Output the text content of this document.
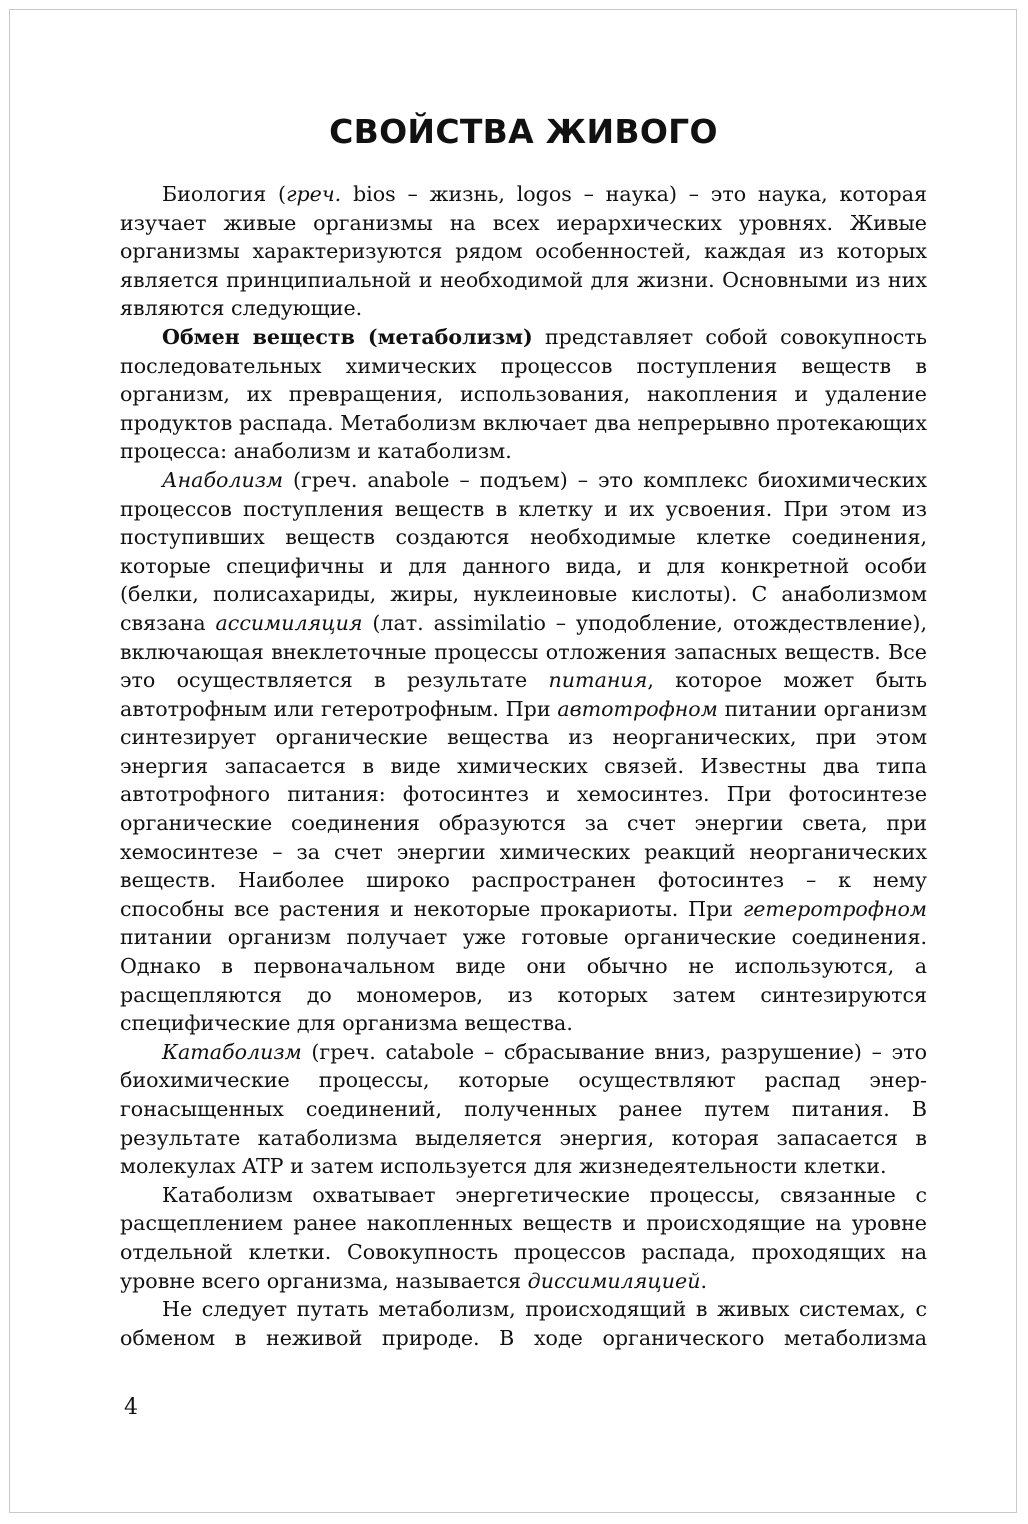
СВОЙСТВА ЖИВОГО

Биология (греч. bios – жизнь, logos – наука) – это наука, которая изучает живые организмы на всех иерархических уровнях. Живые организмы характеризуются рядом особенностей, каждая из которых является принципиальной и необходимой для жизни. Основными из них являются следующие.

Обмен веществ (метаболизм) представляет собой совокупность последовательных химических процессов поступления веществ в организм, их превращения, использования, накопления и удаление продуктов распада. Метаболизм включает два непрерывно протекающих процесса: анаболизм и катаболизм.

Анаболизм (греч. anabole – подъем) – это комплекс биохимических процессов поступления веществ в клетку и их усвоения. При этом из поступивших веществ создаются необходимые клетке соединения, которые специфичны и для данного вида, и для конкретной особи (белки, полисахариды, жиры, нуклеиновые кислоты). С анаболизмом связана ассимиляция (лат. assimilatio – уподобление, отождествление), включающая внеклеточные процессы отложения запасных веществ. Все это осуществляется в результате питания, которое может быть автотрофным или гетеротрофным. При автотрофном питании организм синтезирует органические вещества из неорганических, при этом энергия запасается в виде химических связей. Известны два типа автотрофного питания: фотосинтез и хемосинтез. При фотосинтезе органические соединения образуются за счет энергии света, при хемосинтезе – за счет энергии химических реакций неорганических веществ. Наиболее широко распространен фотосинтез – к нему способны все растения и некоторые прокариоты. При гетеротрофном питании организм получает уже готовые органические соединения. Однако в первоначальном виде они обычно не используются, а расщепляются до мономеров, из которых затем синтезируются специфические для организма вещества.

Катаболизм (греч. catabole – сбрасывание вниз, разрушение) – это биохимические процессы, которые осуществляют распад энергонасыщенных соединений, полученных ранее путем питания. В результате катаболизма выделяется энергия, которая запасается в молекулах ATP и затем используется для жизнедеятельности клетки.

Катаболизм охватывает энергетические процессы, связанные с расщеплением ранее накопленных веществ и происходящие на уровне отдельной клетки. Совокупность процессов распада, проходящих на уровне всего организма, называется диссимиляцией.

Не следует путать метаболизм, происходящий в живых системах, с обменом в неживой природе. В ходе органического метаболизма

4
